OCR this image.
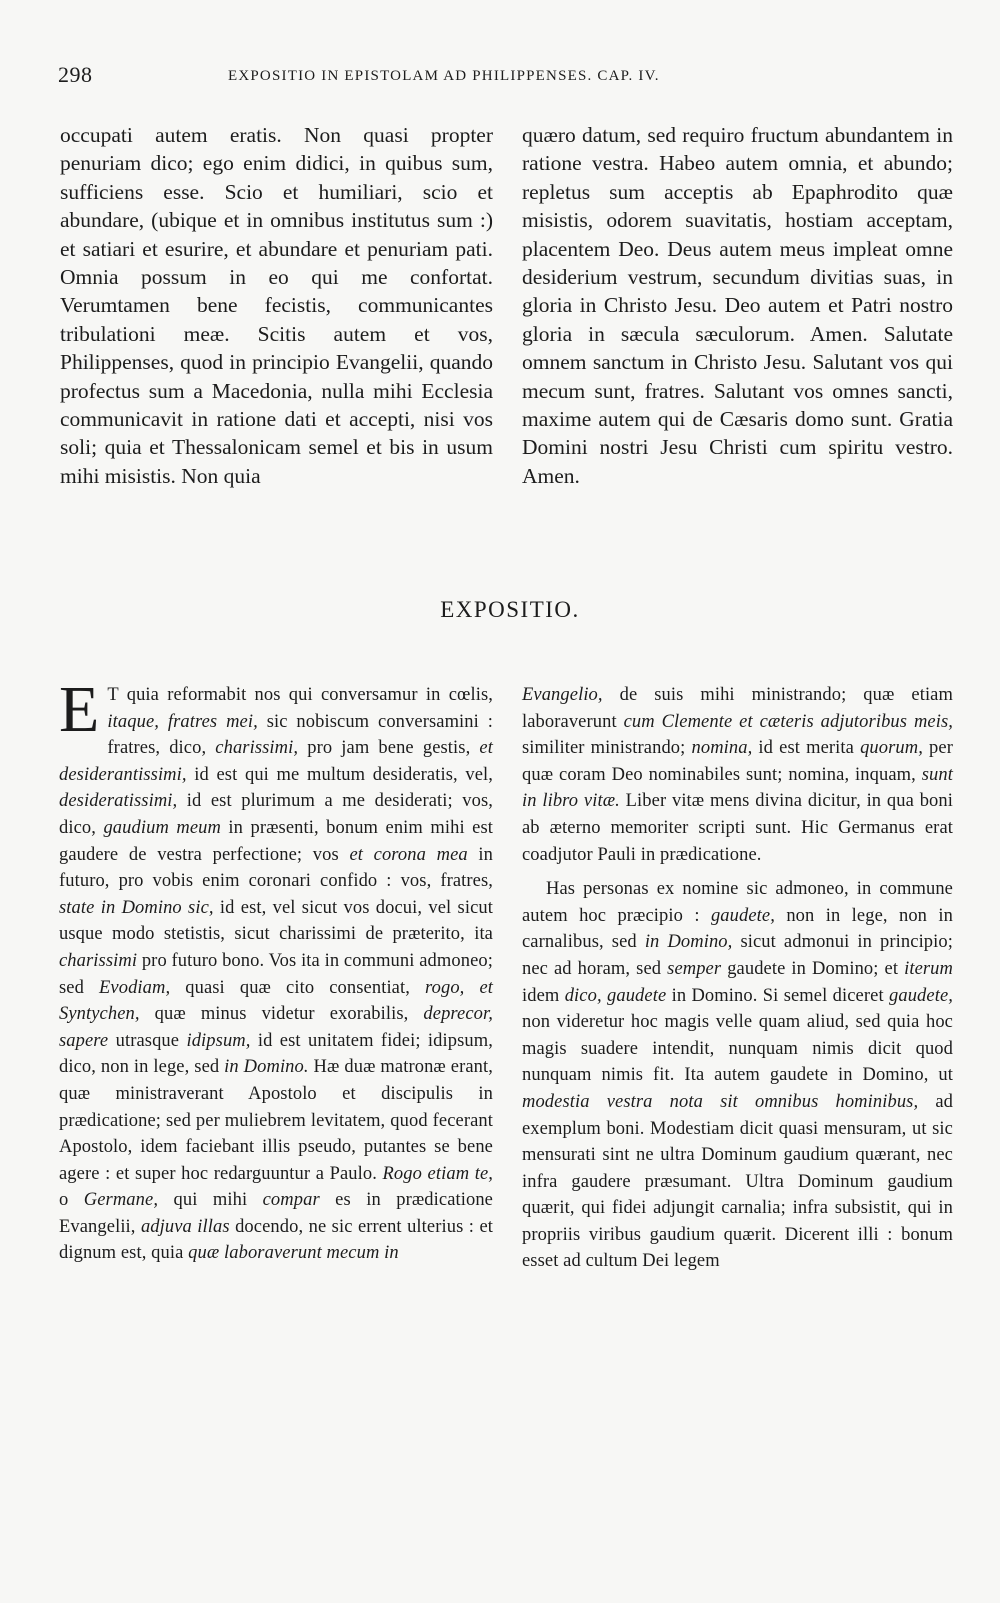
298	EXPOSITIO IN EPISTOLAM AD PHILIPPENSES. CAP. IV.

occupati autem eratis. Non quasi propter penuriam dico; ego enim didici, in quibus sum, sufficiens esse. Scio et humiliari, scio et abundare, (ubique et in omnibus institutus sum :) et satiari et esurire, et abundare et penuriam pati. Omnia possum in eo qui me confortat. Verumtamen bene fecistis, communicantes tribulationi meæ. Scitis autem et vos, Philippenses, quod in principio Evangelii, quando profectus sum a Macedonia, nulla mihi Ecclesia communicavit in ratione dati et accepti, nisi vos soli; quia et Thessalonicam semel et bis in usum mihi misistis. Non quia

quæro datum, sed requiro fructum abundantem in ratione vestra. Habeo autem omnia, et abundo; repletus sum acceptis ab Epaphrodito quæ misistis, odorem suavitatis, hostiam acceptam, placentem Deo. Deus autem meus impleat omne desiderium vestrum, secundum divitias suas, in gloria in Christo Jesu. Deo autem et Patri nostro gloria in sæcula sæculorum. Amen. Salutate omnem sanctum in Christo Jesu. Salutant vos qui mecum sunt, fratres. Salutant vos omnes sancti, maxime autem qui de Cæsaris domo sunt. Gratia Domini nostri Jesu Christi cum spiritu vestro. Amen.

EXPOSITIO.

E T quia reformabit nos qui conversamur in cœlis, itaque, fratres mei, sic nobiscum conversamini : fratres, dico, charissimi, pro jam bene gestis, et desiderantissimi, id est qui me multum desideratis, vel, desideratissimi, id est plurimum a me desiderati; vos, dico, gaudium meum in præsenti, bonum enim mihi est gaudere de vestra perfectione; vos et corona mea in futuro, pro vobis enim coronari confido : vos, fratres, state in Domino sic, id est, vel sicut vos docui, vel sicut usque modo stetistis, sicut charissimi de præterito, ita charissimi pro futuro bono. Vos ita in communi admoneo; sed Evodiam, quasi quæ cito consentiat, rogo, et Syntychen, quæ minus videtur exorabilis, deprecor, sapere utrasque idipsum, id est unitatem fidei; idipsum, dico, non in lege, sed in Domino. Hæ duæ matronæ erant, quæ ministraverant Apostolo et discipulis in prædicatione; sed per muliebrem levitatem, quod fecerant Apostolo, idem faciebant illis pseudo, putantes se bene agere : et super hoc redarguuntur a Paulo. Rogo etiam te, o Germane, qui mihi compar es in prædicatione Evangelii, adjuva illas docendo, ne sic errent ulterius : et dignum est, quia quæ laboraverunt mecum in

Evangelio, de suis mihi ministrando; quæ etiam laboraverunt cum Clemente et cæteris adjutoribus meis, similiter ministrando; nomina, id est merita quorum, per quæ coram Deo nominabiles sunt; nomina, inquam, sunt in libro vitæ. Liber vitæ mens divina dicitur, in qua boni ab æterno memoriter scripti sunt. Hic Germanus erat coadjutor Pauli in prædicatione.

Has personas ex nomine sic admoneo, in commune autem hoc præcipio : gaudete, non in lege, non in carnalibus, sed in Domino, sicut admonui in principio; nec ad horam, sed semper gaudete in Domino; et iterum idem dico, gaudete in Domino. Si semel diceret gaudete, non videretur hoc magis velle quam aliud, sed quia hoc magis suadere intendit, nunquam nimis dicit quod nunquam nimis fit. Ita autem gaudete in Domino, ut modestia vestra nota sit omnibus hominibus, ad exemplum boni. Modestiam dicit quasi mensuram, ut sic mensurati sint ne ultra Dominum gaudium quærant, nec infra gaudere præsumant. Ultra Dominum gaudium quærit, qui fidei adjungit carnalia; infra subsistit, qui in propriis viribus gaudium quærit. Dicerent illi : bonum esset ad cultum Dei legem
